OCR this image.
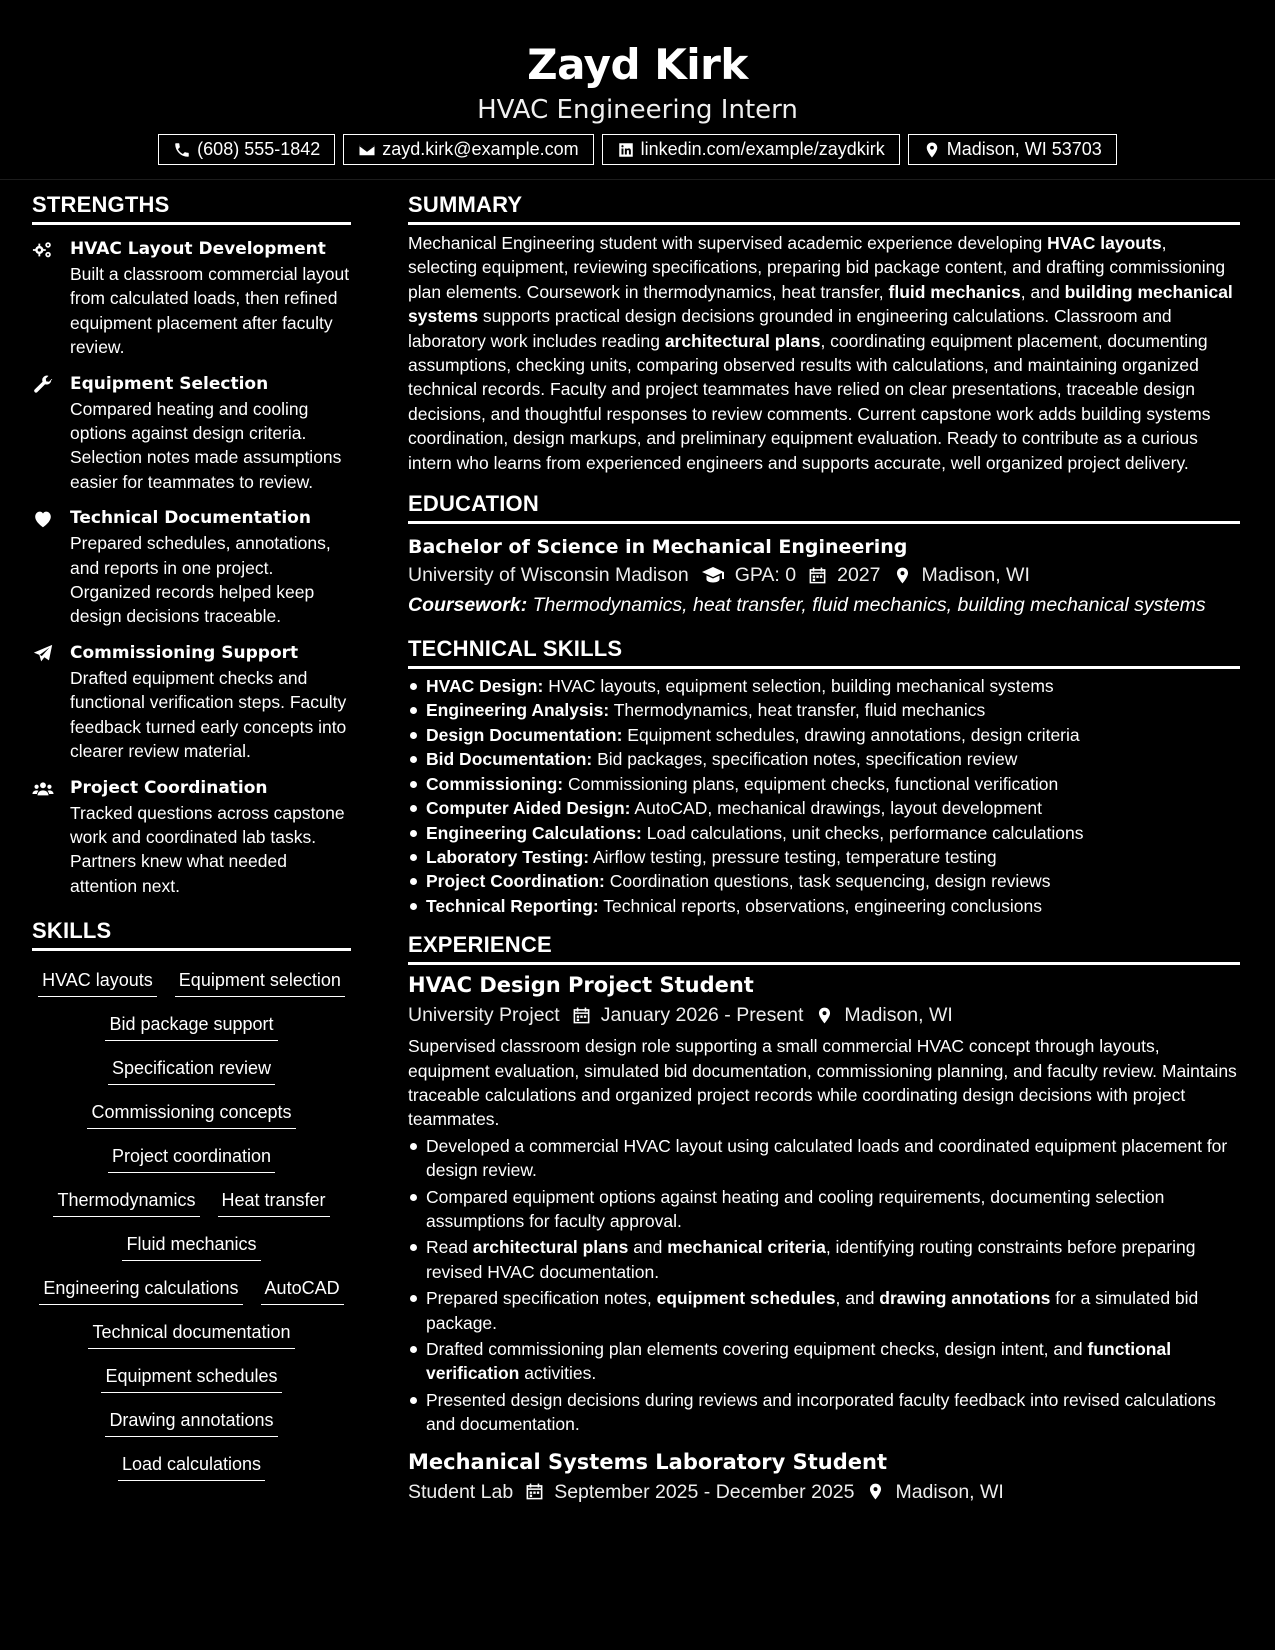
Zayd Kirk
HVAC Engineering Intern
(608) 555-1842	zayd.kirk@example.com	linkedin.com/example/zaydkirk	Madison, WI 53703
STRENGTHS
HVAC Layout Development
Built a classroom commercial layout from calculated loads, then refined equipment placement after faculty review.
Equipment Selection
Compared heating and cooling options against design criteria. Selection notes made assumptions easier for teammates to review.
Technical Documentation
Prepared schedules, annotations, and reports in one project. Organized records helped keep design decisions traceable.
Commissioning Support
Drafted equipment checks and functional verification steps. Faculty feedback turned early concepts into clearer review material.
Project Coordination
Tracked questions across capstone work and coordinated lab tasks. Partners knew what needed attention next.
SKILLS
HVAC layouts Equipment selection
Bid package support
Specification review
Commissioning concepts
Project coordination
Thermodynamics Heat transfer
Fluid mechanics
Engineering calculations AutoCAD
Technical documentation
Equipment schedules
Drawing annotations
Load calculations
SUMMARY
Mechanical Engineering student with supervised academic experience developing HVAC layouts, selecting equipment, reviewing specifications, preparing bid package content, and drafting commissioning plan elements. Coursework in thermodynamics, heat transfer, fluid mechanics, and building mechanical systems supports practical design decisions grounded in engineering calculations. Classroom and laboratory work includes reading architectural plans, coordinating equipment placement, documenting assumptions, checking units, comparing observed results with calculations, and maintaining organized technical records. Faculty and project teammates have relied on clear presentations, traceable design decisions, and thoughtful responses to review comments. Current capstone work adds building systems coordination, design markups, and preliminary equipment evaluation. Ready to contribute as a curious intern who learns from experienced engineers and supports accurate, well organized project delivery.
EDUCATION
Bachelor of Science in Mechanical Engineering
University of Wisconsin Madison GPA: 0 2027 Madison, WI
Coursework: Thermodynamics, heat transfer, fluid mechanics, building mechanical systems
TECHNICAL SKILLS
HVAC Design: HVAC layouts, equipment selection, building mechanical systems
Engineering Analysis: Thermodynamics, heat transfer, fluid mechanics
Design Documentation: Equipment schedules, drawing annotations, design criteria
Bid Documentation: Bid packages, specification notes, specification review
Commissioning: Commissioning plans, equipment checks, functional verification
Computer Aided Design: AutoCAD, mechanical drawings, layout development
Engineering Calculations: Load calculations, unit checks, performance calculations
Laboratory Testing: Airflow testing, pressure testing, temperature testing
Project Coordination: Coordination questions, task sequencing, design reviews
Technical Reporting: Technical reports, observations, engineering conclusions
EXPERIENCE
HVAC Design Project Student
University Project January 2026 - Present Madison, WI
Supervised classroom design role supporting a small commercial HVAC concept through layouts, equipment evaluation, simulated bid documentation, commissioning planning, and faculty review. Maintains traceable calculations and organized project records while coordinating design decisions with project teammates.
Developed a commercial HVAC layout using calculated loads and coordinated equipment placement for design review.
Compared equipment options against heating and cooling requirements, documenting selection assumptions for faculty approval.
Read architectural plans and mechanical criteria, identifying routing constraints before preparing revised HVAC documentation.
Prepared specification notes, equipment schedules, and drawing annotations for a simulated bid package.
Drafted commissioning plan elements covering equipment checks, design intent, and functional verification activities.
Presented design decisions during reviews and incorporated faculty feedback into revised calculations and documentation.
Mechanical Systems Laboratory Student
Student Lab September 2025 - December 2025 Madison, WI
